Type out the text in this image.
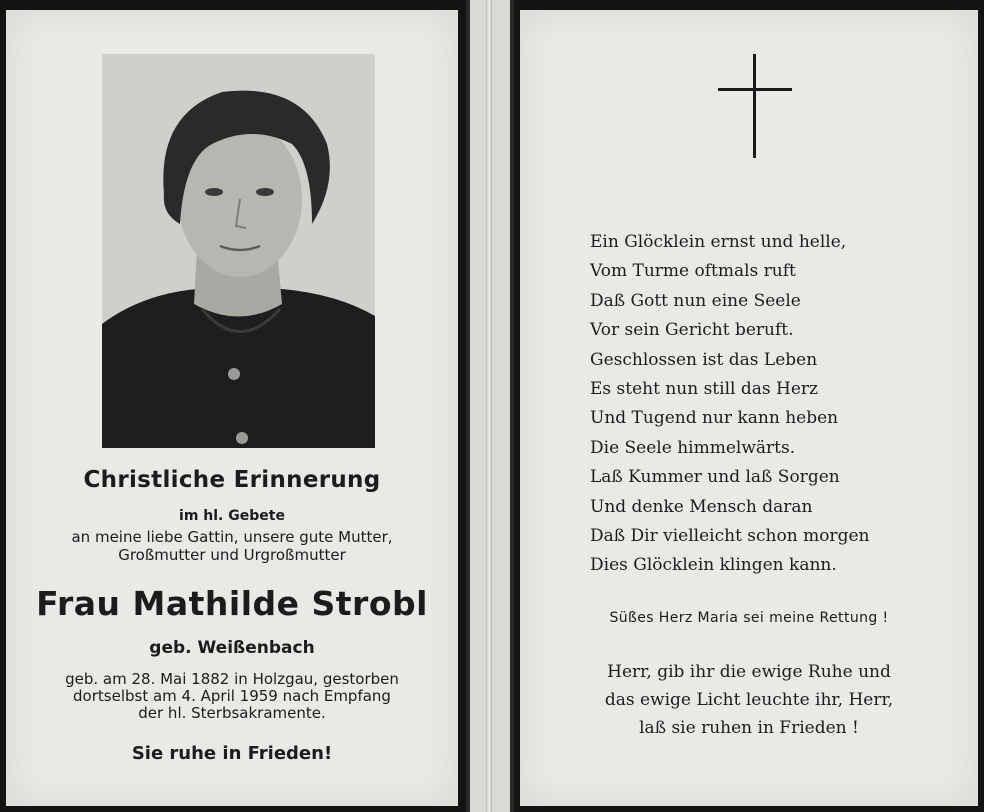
Christliche Erinnerung
im hl. Gebete
an meine liebe Gattin, unsere gute Mutter,
Großmutter und Urgroßmutter
Frau Mathilde Strobl
geb. Weißenbach
geb. am 28. Mai 1882 in Holzgau, gestorben
dortselbst am 4. April 1959 nach Empfang
der hl. Sterbsakramente.
Sie ruhe in Frieden!
Ein Glöcklein ernst und helle,
Vom Turme oftmals ruft
Daß Gott nun eine Seele
Vor sein Gericht beruft.
Geschlossen ist das Leben
Es steht nun still das Herz
Und Tugend nur kann heben
Die Seele himmelwärts.
Laß Kummer und laß Sorgen
Und denke Mensch daran
Daß Dir vielleicht schon morgen
Dies Glöcklein klingen kann.
Süßes Herz Maria sei meine Rettung !
Herr, gib ihr die ewige Ruhe und
das ewige Licht leuchte ihr, Herr,
laß sie ruhen in Frieden !
